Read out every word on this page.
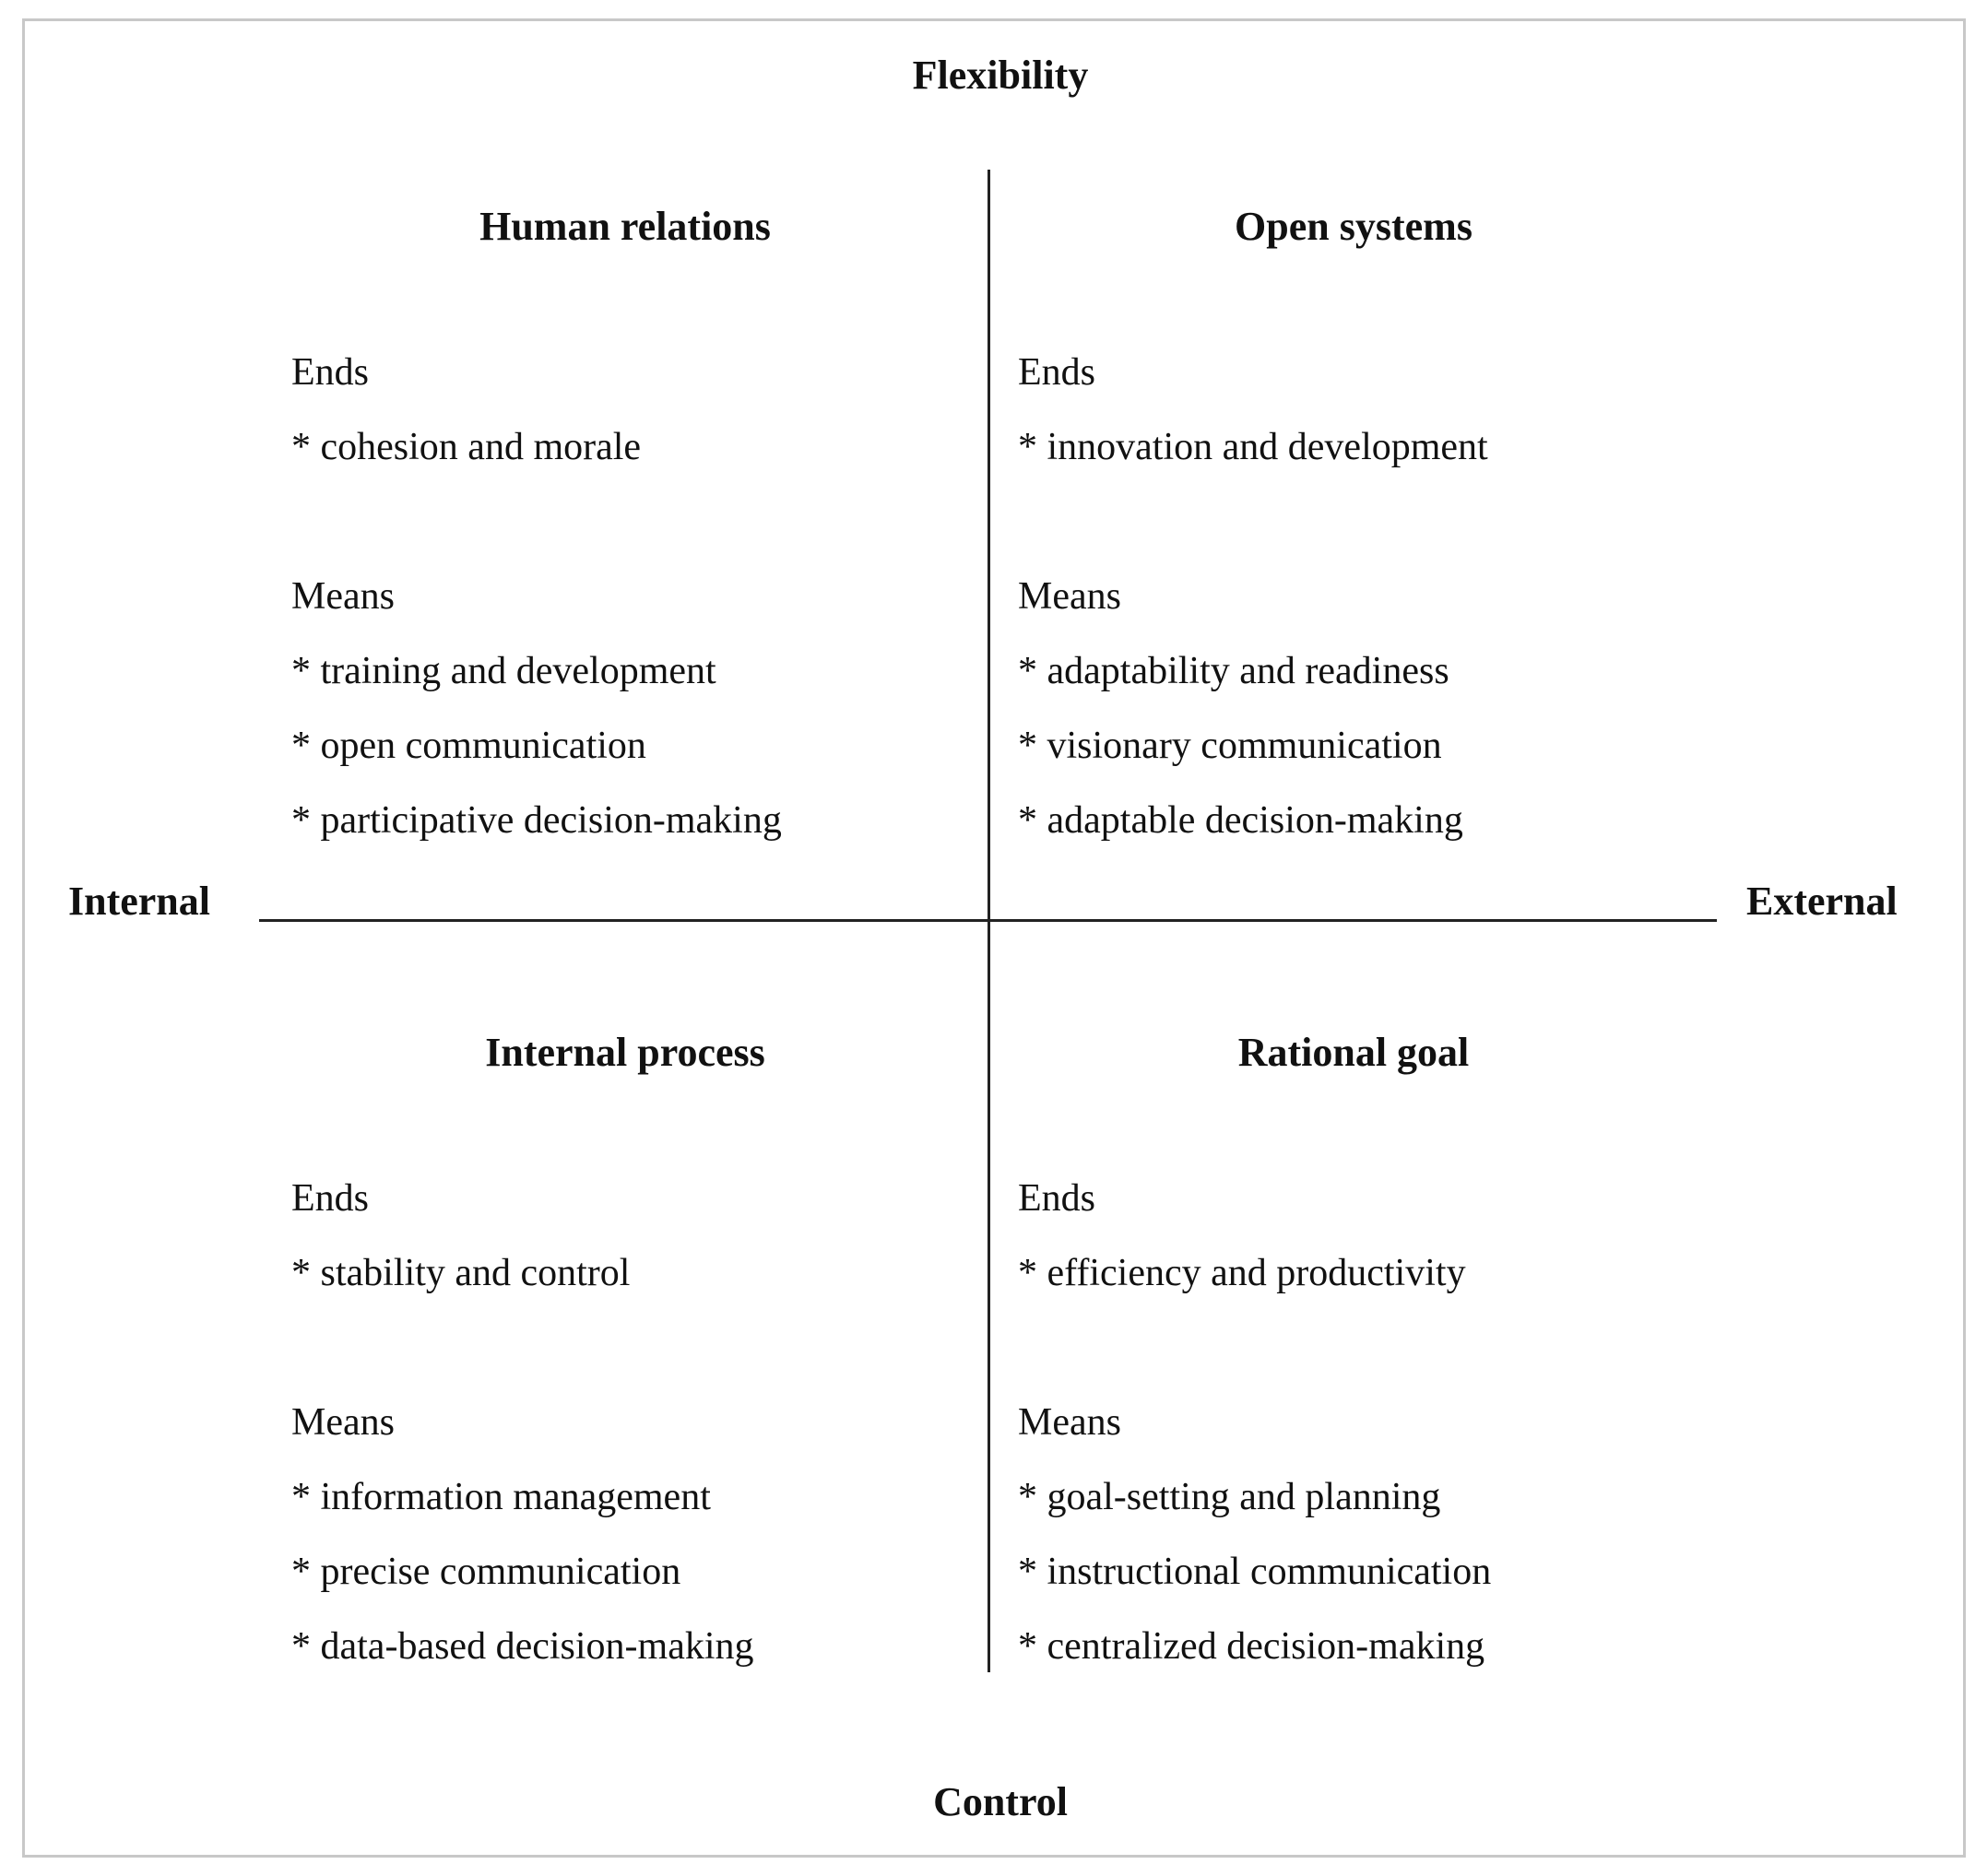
Flexibility
Control
Internal	External
Human relations
Ends
* cohesion and morale
Means
* training and development
* open communication
* participative decision-making
Open systems
Ends
* innovation and development
Means
* adaptability and readiness
* visionary communication
* adaptable decision-making
Internal process
Ends
* stability and control
Means
* information management
* precise communication
* data-based decision-making
Rational goal
Ends
* efficiency and productivity
Means
* goal-setting and planning
* instructional communication
* centralized decision-making
